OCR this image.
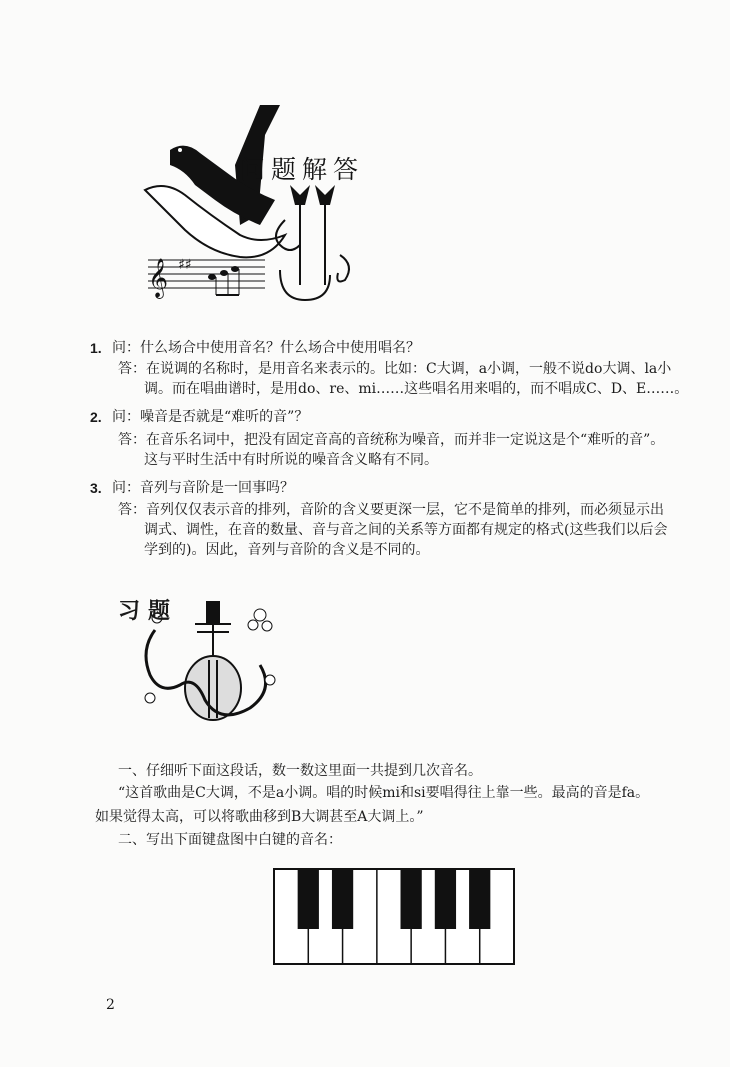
𝄞 ♯♯
问题解答
1. 问：什么场合中使用音名？什么场合中使用唱名？
答：在说调的名称时，是用音名来表示的。比如：C大调，a小调，一般不说do大调、la小
调。而在唱曲谱时，是用do、re、mi……这些唱名用来唱的，而不唱成C、D、E……。
2. 问：噪音是否就是“难听的音”？
答：在音乐名词中，把没有固定音高的音统称为噪音，而并非一定说这是个“难听的音”。
这与平时生活中有时所说的噪音含义略有不同。
3. 问：音列与音阶是一回事吗？
答：音列仅仅表示音的排列，音阶的含义要更深一层，它不是简单的排列，而必须显示出
调式、调性，在音的数量、音与音之间的关系等方面都有规定的格式(这些我们以后会
学到的)。因此，音列与音阶的含义是不同的。
习题
一、仔细听下面这段话，数一数这里面一共提到几次音名。
“这首歌曲是C大调，不是a小调。唱的时候mi和si要唱得往上靠一些。最高的音是fa。
如果觉得太高，可以将歌曲移到B大调甚至A大调上。”
二、写出下面键盘图中白键的音名：
2
